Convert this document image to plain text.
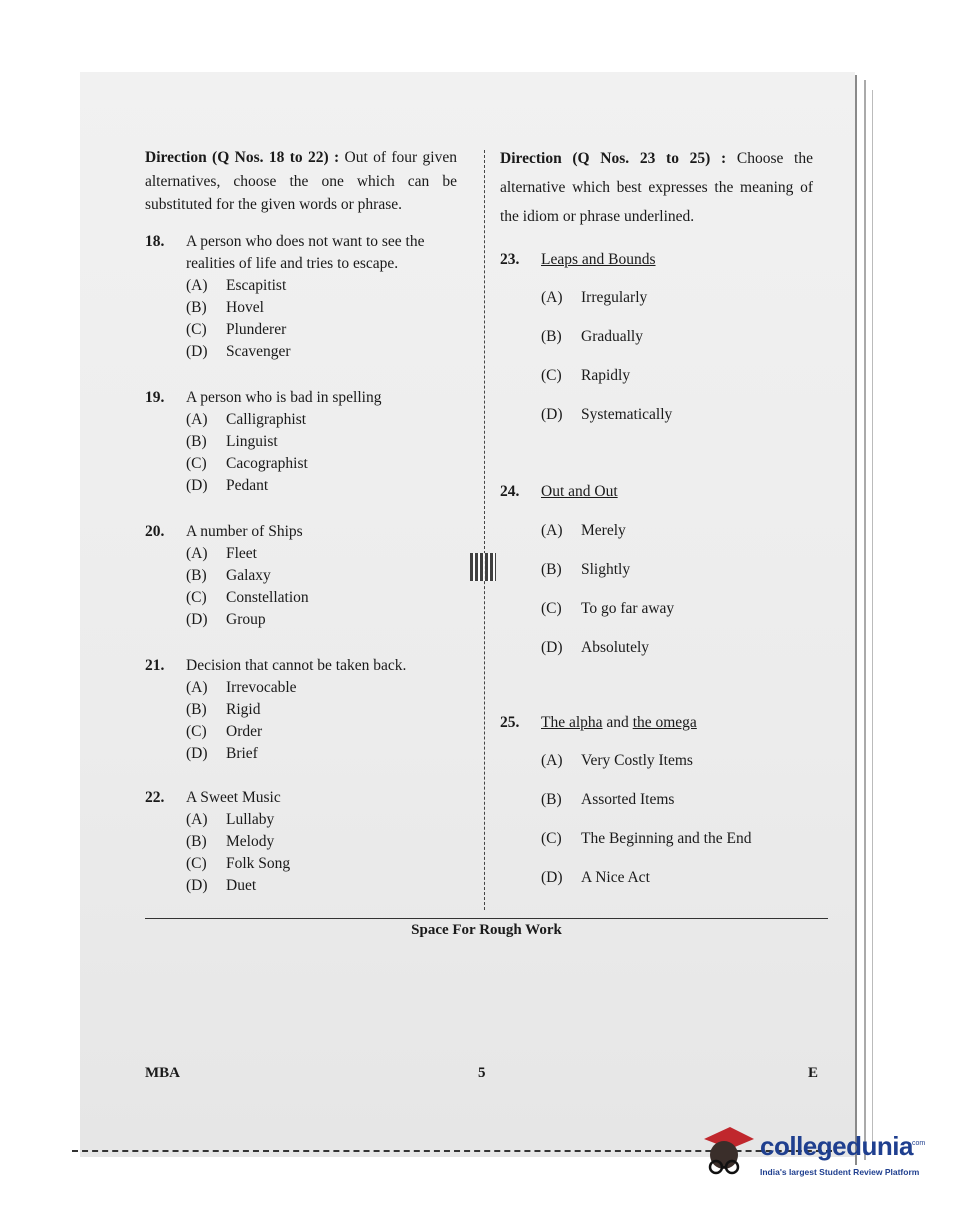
Direction (Q Nos. 18 to 22) : Out of four given alternatives, choose the one which can be substituted for the given words or phrase.

18.	A person who does not want to see the realities of life and tries to escape.
(A)	Escapitist
(B)	Hovel
(C)	Plunderer
(D)	Scavenger
19.	A person who is bad in spelling
(A)	Calligraphist
(B)	Linguist
(C)	Cacographist
(D)	Pedant
20.	A number of Ships
(A)	Fleet
(B)	Galaxy
(C)	Constellation
(D)	Group
21.	Decision that cannot be taken back.
(A)	Irrevocable
(B)	Rigid
(C)	Order
(D)	Brief
22.	A Sweet Music
(A)	Lullaby
(B)	Melody
(C)	Folk Song
(D)	Duet

Direction (Q Nos. 23 to 25) : Choose the alternative which best expresses the meaning of the idiom or phrase underlined.

23.	Leaps and Bounds
(A)	Irregularly
(B)	Gradually
(C)	Rapidly
(D)	Systematically
24.	Out and Out
(A)	Merely
(B)	Slightly
(C)	To go far away
(D)	Absolutely
25.	The alpha and the omega
(A)	Very Costly Items
(B)	Assorted Items
(C)	The Beginning and the End
(D)	A Nice Act
Space For Rough Work
MBA	5	E
collegedunia
.com
India's largest Student Review Platform
